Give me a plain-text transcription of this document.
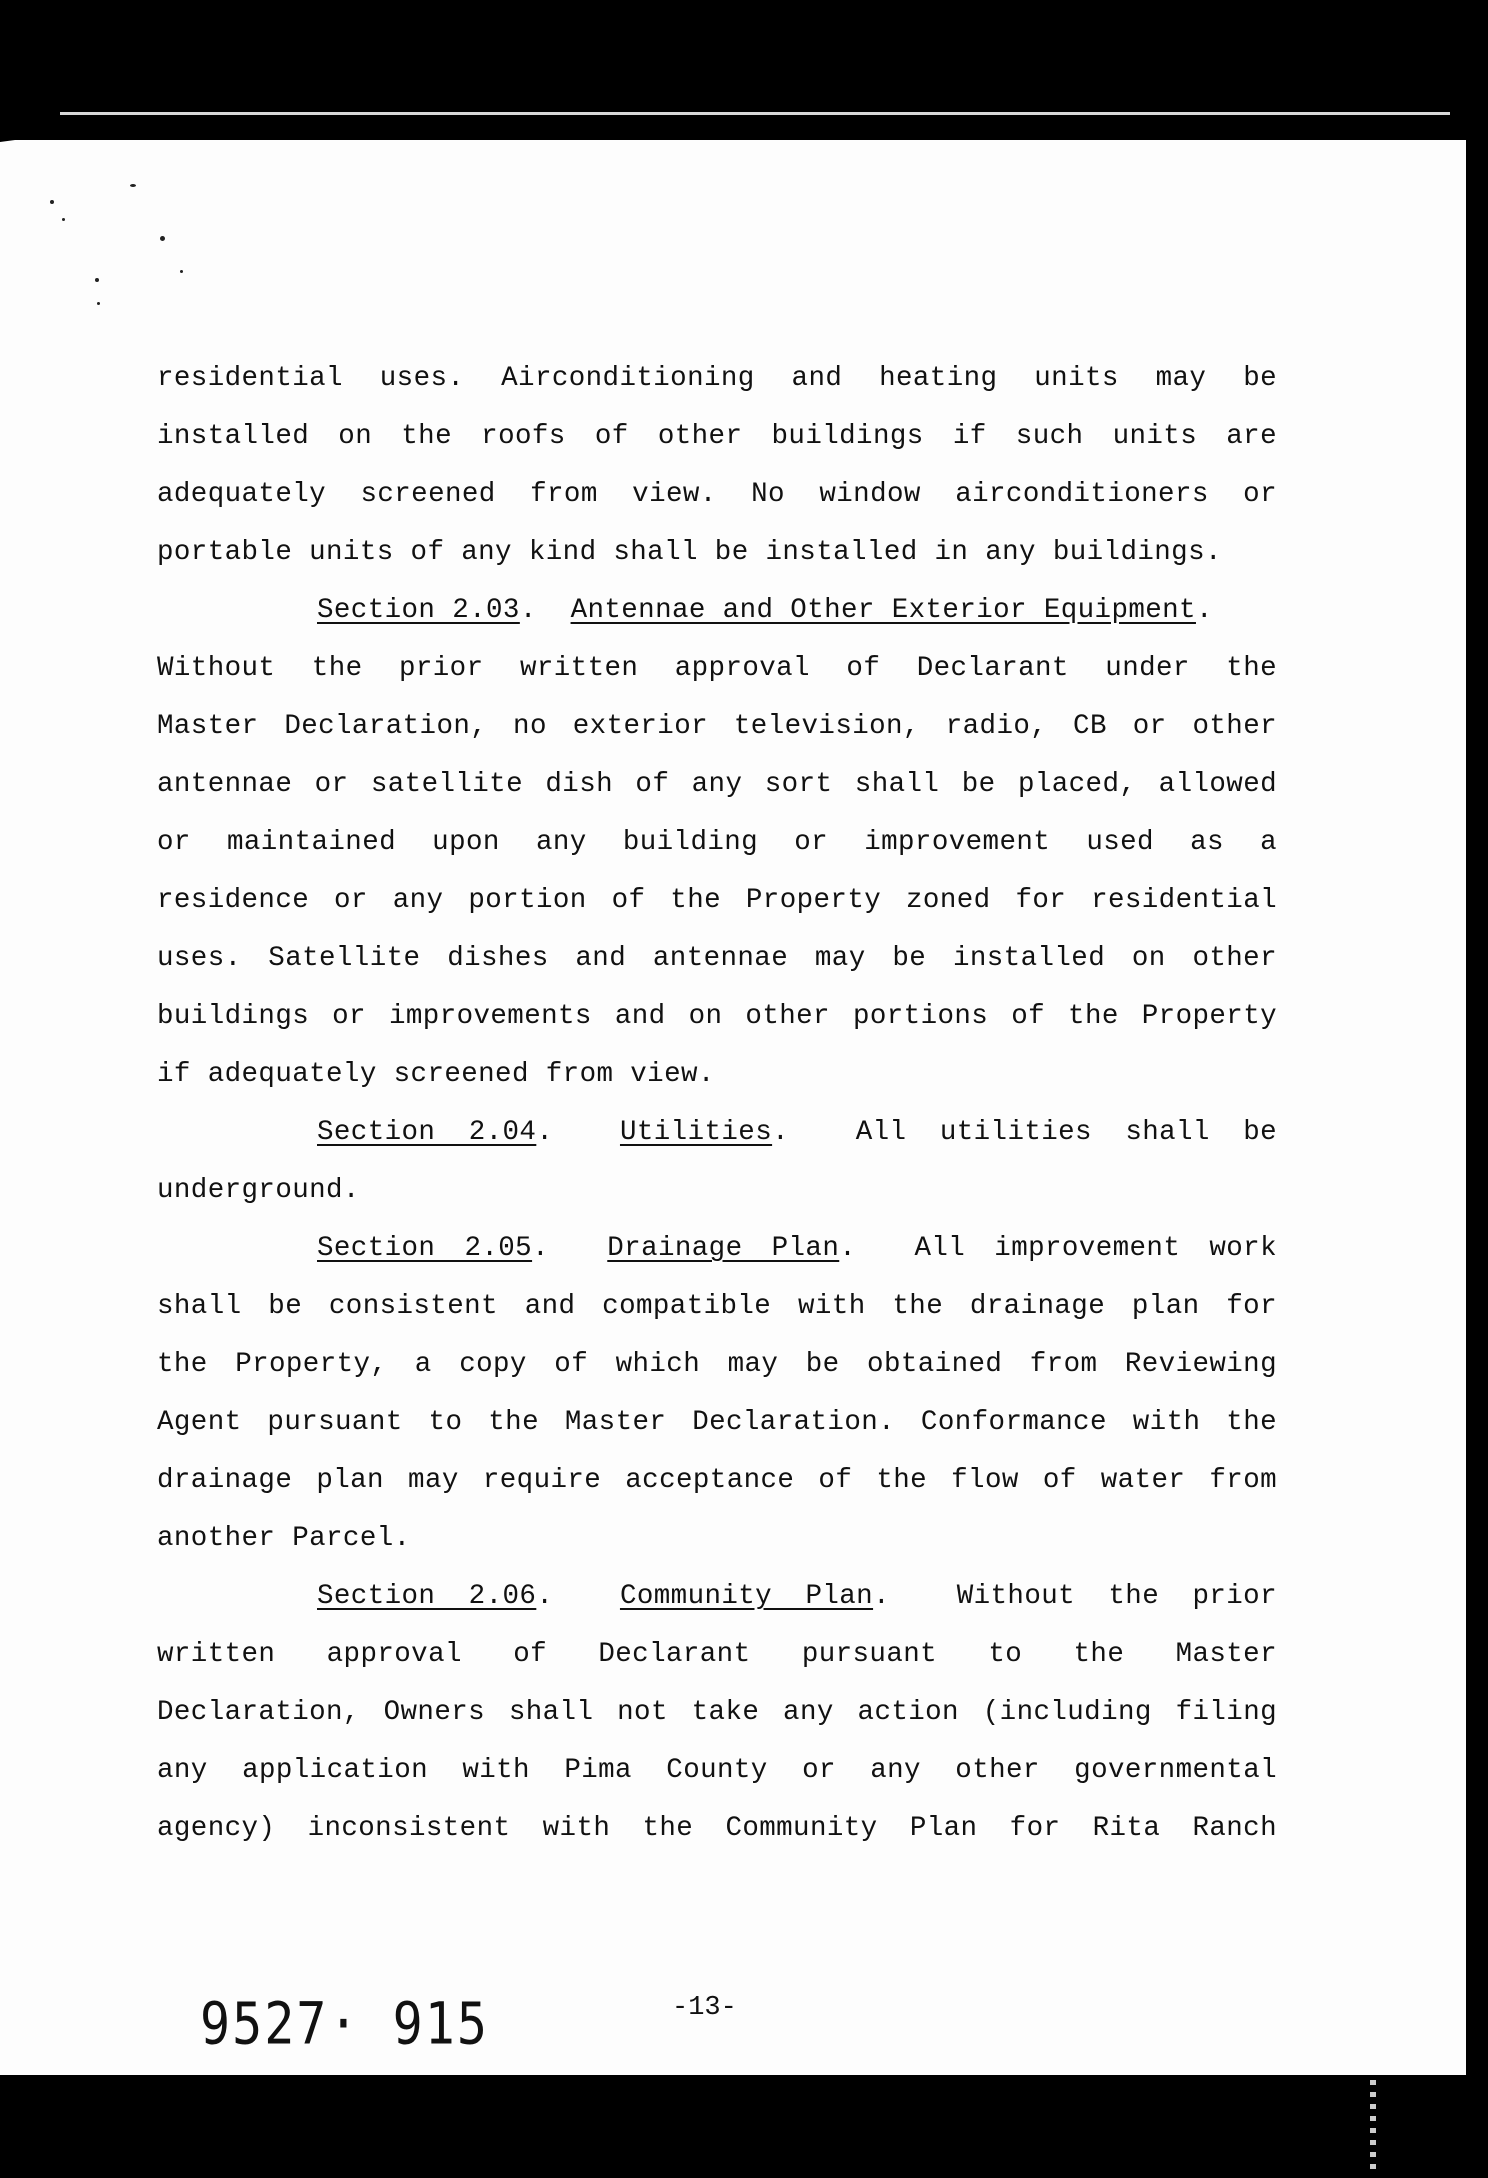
residential uses. Airconditioning and heating units may be
installed on the roofs of other buildings if such units are
adequately screened from view. No window airconditioners or
portable units of any kind shall be installed in any buildings.
Section 2.03.  Antennae and Other Exterior Equipment.
Without the prior written approval of Declarant under the
Master Declaration, no exterior television, radio, CB or other
antennae or satellite dish of any sort shall be placed, allowed
or maintained upon any building or improvement used as a
residence or any portion of the Property zoned for residential
uses. Satellite dishes and antennae may be installed on other
buildings or improvements and on other portions of the Property
if adequately screened from view.
Section 2.04.  Utilities.  All utilities shall be
underground.
Section 2.05.  Drainage Plan.  All improvement work
shall be consistent and compatible with the drainage plan for
the Property, a copy of which may be obtained from Reviewing
Agent pursuant to the Master Declaration. Conformance with the
drainage plan may require acceptance of the flow of water from
another Parcel.
Section 2.06.  Community Plan.  Without the prior
written approval of Declarant pursuant to the Master
Declaration, Owners shall not take any action (including filing
any application with Pima County or any other governmental
agency) inconsistent with the Community Plan for Rita Ranch
9527· 915	-13-
